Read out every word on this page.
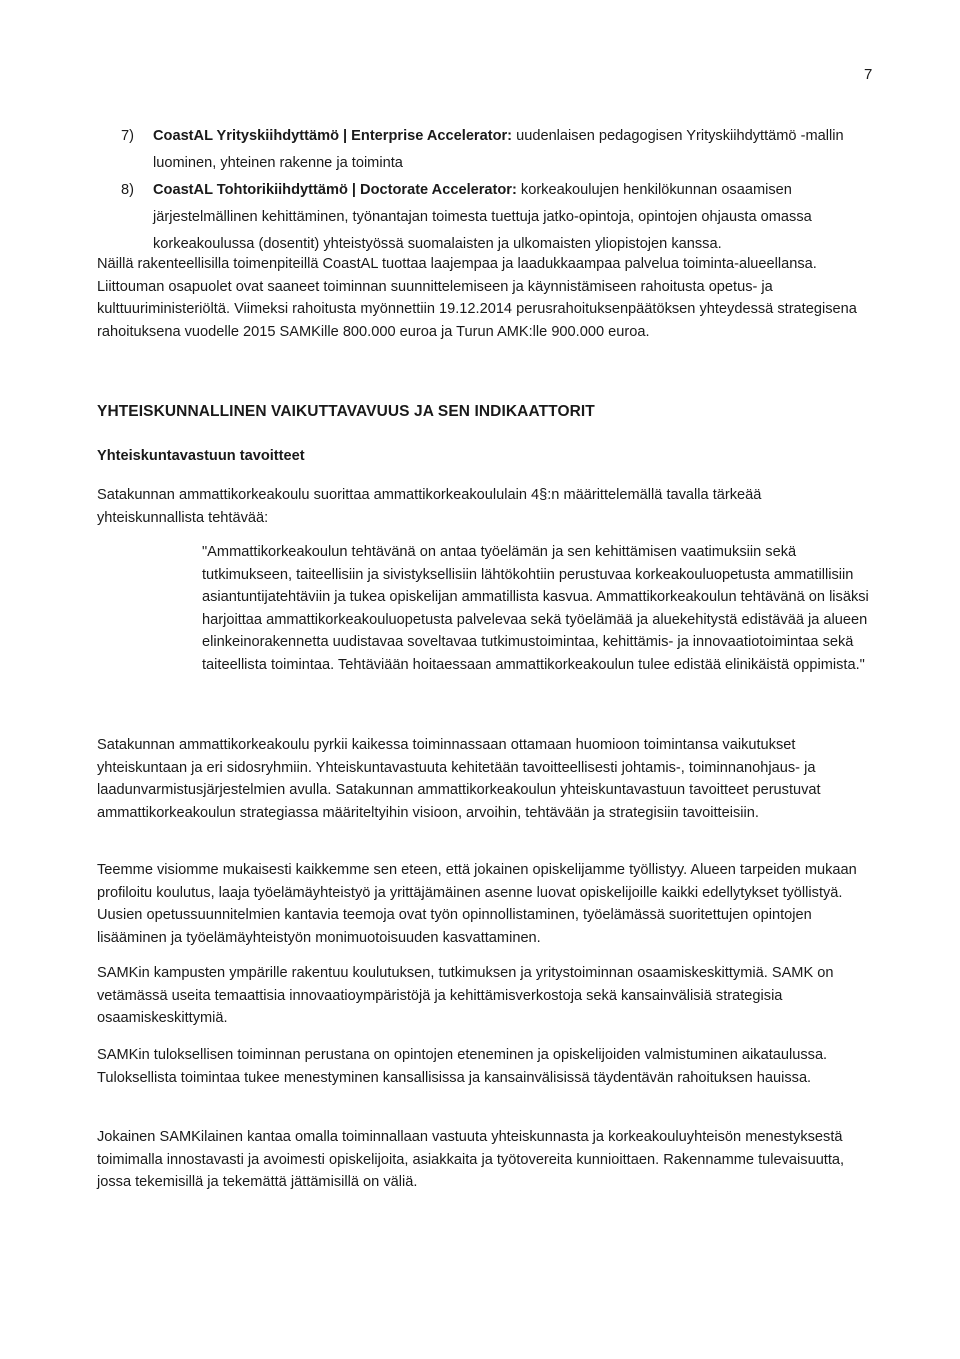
7
7) CoastAL Yrityskiihdyttämö | Enterprise Accelerator: uudenlaisen pedagogisen Yrityskiihdyttämö -mallin luominen, yhteinen rakenne ja toiminta
8) CoastAL Tohtorikiihdyttämö | Doctorate Accelerator: korkeakoulujen henkilökunnan osaamisen järjestelmällinen kehittäminen, työnantajan toimesta tuettuja jatko-opintoja, opintojen ohjausta omassa korkeakoulussa (dosentit) yhteistyössä suomalaisten ja ulkomaisten yliopistojen kanssa.

Näillä rakenteellisilla toimenpiteillä CoastAL tuottaa laajempaa ja laadukkaampaa palvelua toiminta-alueellansa. Liittouman osapuolet ovat saaneet toiminnan suunnittelemiseen ja käynnistämiseen rahoitusta opetus- ja kulttuuriministeriöltä. Viimeksi rahoitusta myönnettiin 19.12.2014 perusrahoituksenpäätöksen yhteydessä strategisena rahoituksena vuodelle 2015 SAMKille 800.000 euroa ja Turun AMK:lle 900.000 euroa.

YHTEISKUNNALLINEN VAIKUTTAVAVUUS JA SEN INDIKAATTORIT
Yhteiskuntavastuun tavoitteet

Satakunnan ammattikorkeakoulu suorittaa ammattikorkeakoululain 4§:n määrittelemällä tavalla tärkeää yhteiskunnallista tehtävää:

"Ammattikorkeakoulun tehtävänä on antaa työelämän ja sen kehittämisen vaatimuksiin sekä tutkimukseen, taiteellisiin ja sivistyksellisiin lähtökohtiin perustuvaa korkeakouluopetusta ammatillisiin asiantuntijatehtäviin ja tukea opiskelijan ammatillista kasvua. Ammattikorkeakoulun tehtävänä on lisäksi harjoittaa ammattikorkeakouluopetusta palvelevaa sekä työelämää ja aluekehitystä edistävää ja alueen elinkeinorakennetta uudistavaa soveltavaa tutkimustoimintaa, kehittämis- ja innovaatiotoimintaa sekä taiteellista toimintaa. Tehtäviään hoitaessaan ammattikorkeakoulun tulee edistää elinikäistä oppimista."

Satakunnan ammattikorkeakoulu pyrkii kaikessa toiminnassaan ottamaan huomioon toimintansa vaikutukset yhteiskuntaan ja eri sidosryhmiin. Yhteiskuntavastuuta kehitetään tavoitteellisesti johtamis-, toiminnanohjaus- ja laadunvarmistusjärjestelmien avulla. Satakunnan ammattikorkeakoulun yhteiskuntavastuun tavoitteet perustuvat ammattikorkeakoulun strategiassa määriteltyihin visioon, arvoihin, tehtävään ja strategisiin tavoitteisiin.

Teemme visiomme mukaisesti kaikkemme sen eteen, että jokainen opiskelijamme työllistyy. Alueen tarpeiden mukaan profiloitu koulutus, laaja työelämäyhteistyö ja yrittäjämäinen asenne luovat opiskelijoille kaikki edellytykset työllistyä. Uusien opetussuunnitelmien kantavia teemoja ovat työn opinnollistaminen, työelämässä suoritettujen opintojen lisääminen ja työelämäyhteistyön monimuotoisuuden kasvattaminen.

SAMKin kampusten ympärille rakentuu koulutuksen, tutkimuksen ja yritystoiminnan osaamiskeskittymiä. SAMK on vetämässä useita temaattisia innovaatioympäristöjä ja kehittämisverkostoja sekä kansainvälisiä strategisia osaamiskeskittymiä.

SAMKin tuloksellisen toiminnan perustana on opintojen eteneminen ja opiskelijoiden valmistuminen aikataulussa. Tuloksellista toimintaa tukee menestyminen kansallisissa ja kansainvälisissä täydentävän rahoituksen hauissa.

Jokainen SAMKilainen kantaa omalla toiminnallaan vastuuta yhteiskunnasta ja korkeakouluyhteisön menestyksestä toimimalla innostavasti ja avoimesti opiskelijoita, asiakkaita ja työtovereita kunnioittaen. Rakennamme tulevaisuutta, jossa tekemisillä ja tekemättä jättämisillä on väliä.
